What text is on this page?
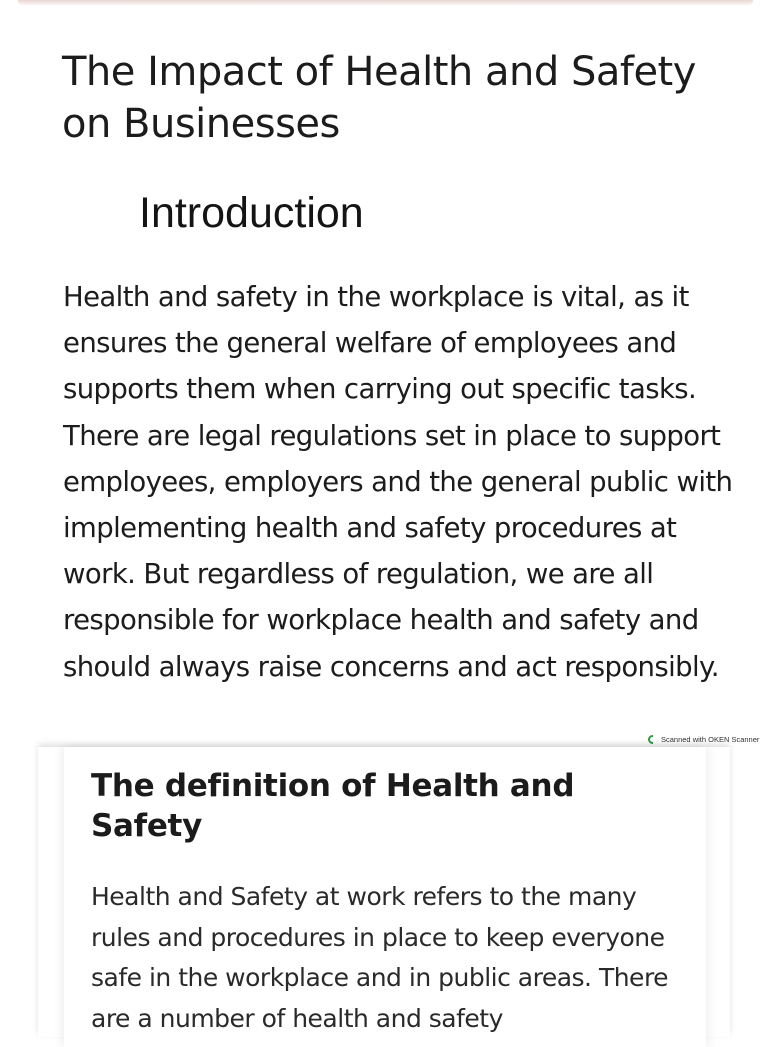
The Impact of Health and Safety on Businesses
Introduction

Health and safety in the workplace is vital, as it ensures the general welfare of employees and supports them when carrying out specific tasks. There are legal regulations set in place to support employees, employers and the general public with implementing health and safety procedures at work. But regardless of regulation, we are all responsible for workplace health and safety and should always raise concerns and act responsibly.

Scanned with OKEN Scanner
The definition of Health and Safety

Health and Safety at work refers to the many rules and procedures in place to keep everyone safe in the workplace and in public areas. There are a number of health and safety
